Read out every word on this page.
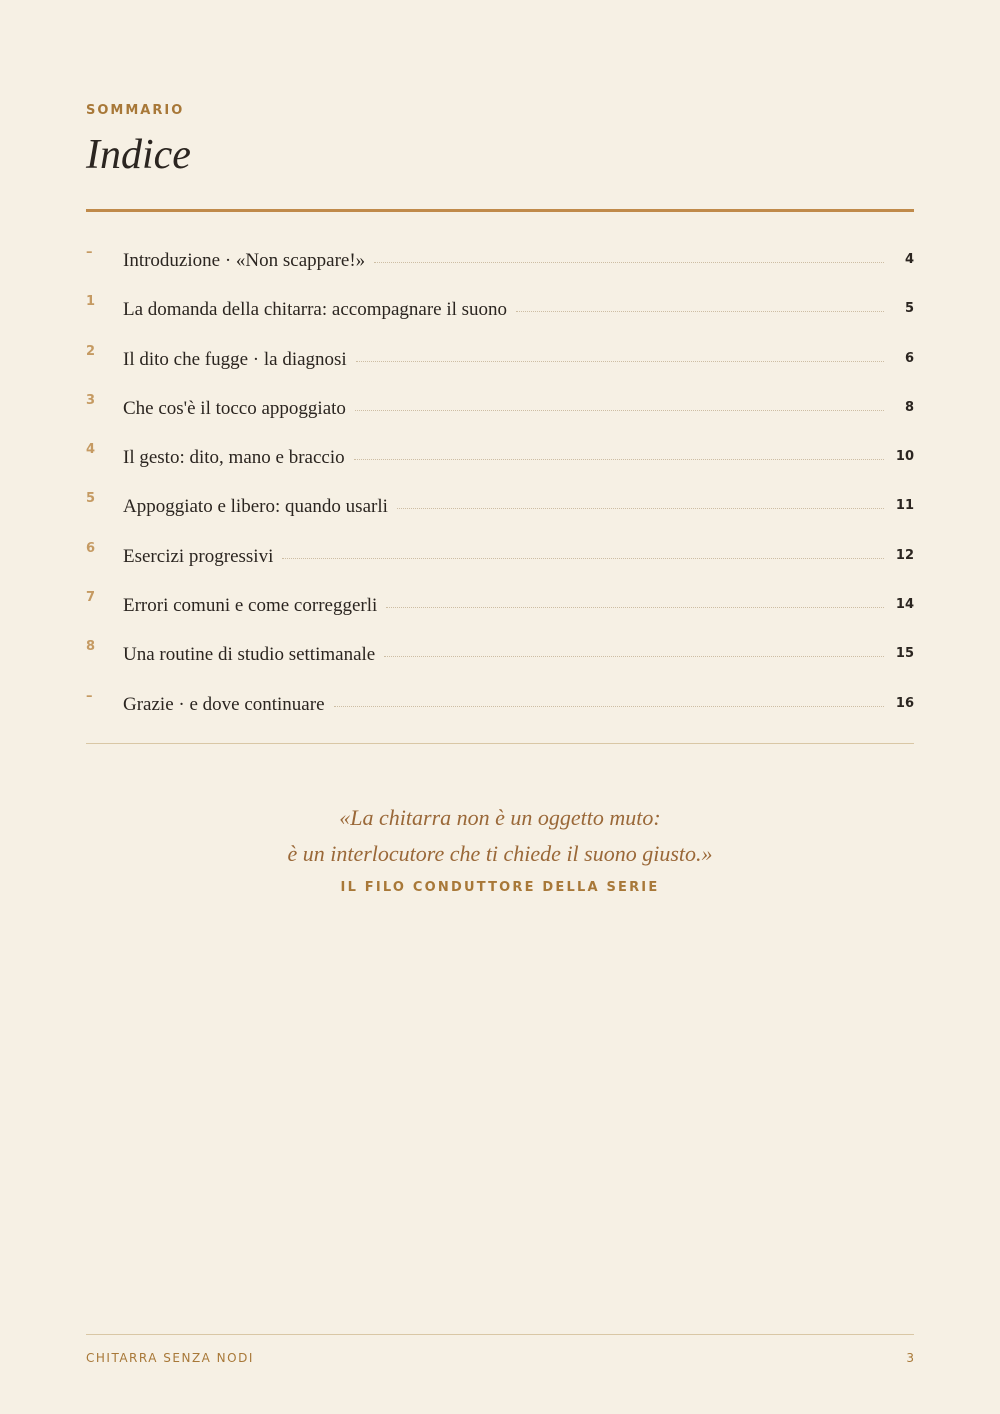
SOMMARIO
Indice
–	Introduzione · «Non scappare!»	4
1	La domanda della chitarra: accompagnare il suono	5
2	Il dito che fugge · la diagnosi	6
3	Che cos'è il tocco appoggiato	8
4	Il gesto: dito, mano e braccio	10
5	Appoggiato e libero: quando usarli	11
6	Esercizi progressivi	12
7	Errori comuni e come correggerli	14
8	Una routine di studio settimanale	15
–	Grazie · e dove continuare	16
«La chitarra non è un oggetto muto:
è un interlocutore che ti chiede il suono giusto.»
IL FILO CONDUTTORE DELLA SERIE
CHITARRA SENZA NODI	3
